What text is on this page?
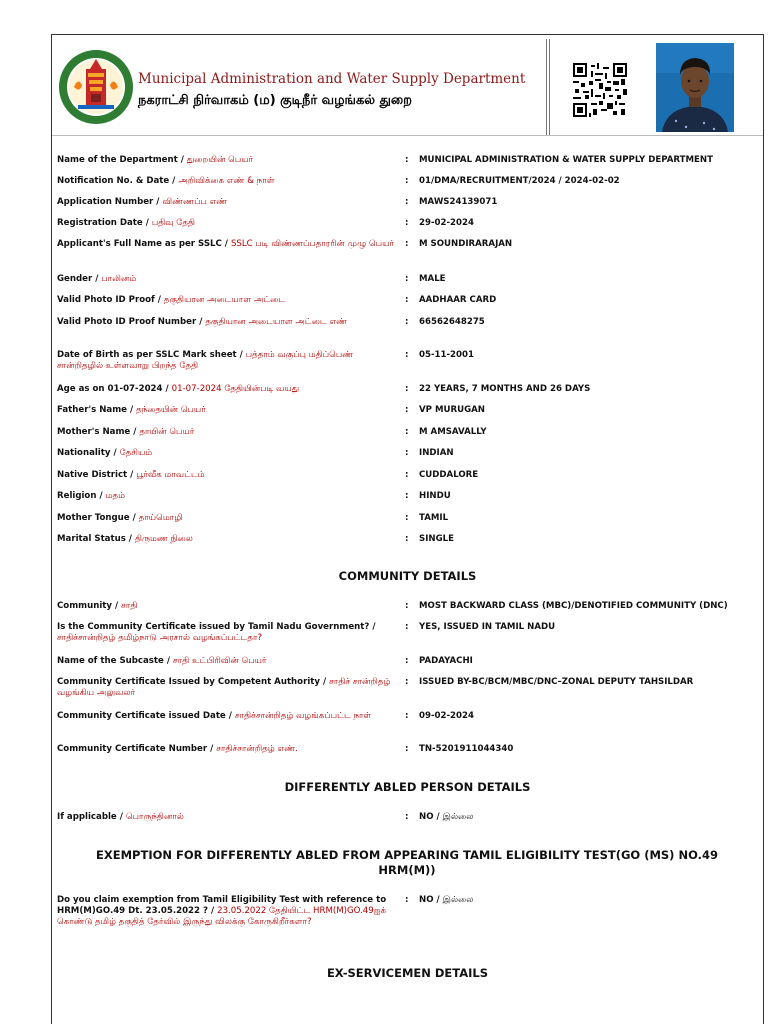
Municipal Administration and Water Supply Department
நகராட்சி நிர்வாகம் (ம) குடிநீர் வழங்கல் துறை
Name of the Department / துறையின் பெயர்	: MUNICIPAL ADMINISTRATION & WATER SUPPLY DEPARTMENT
Notification No. & Date / அறிவிக்கை எண் & நாள்	: 01/DMA/RECRUITMENT/2024 / 2024-02-02
Application Number / விண்ணப்ப எண்	: MAWS24139071
Registration Date / பதிவு தேதி	: 29-02-2024
Applicant's Full Name as per SSLC / SSLC படி விண்ணப்பதாரரின் முழு பெயர்	: M SOUNDIRARAJAN
Gender / பாலினம்	: MALE
Valid Photo ID Proof / தகுதியான அடையாள அட்டை	: AADHAAR CARD
Valid Photo ID Proof Number / தகுதியான அடையாள அட்டை எண்	: 66562648275
Date of Birth as per SSLC Mark sheet / பத்தாம் வகுப்பு மதிப்பெண் சான்றிதழில் உள்ளவாறு பிறந்த தேதி
: 05-11-2001
Age as on 01-07-2024 / 01-07-2024 தேதியின்படி வயது	: 22 YEARS, 7 MONTHS AND 26 DAYS
Father's Name / தந்தையின் பெயர்	: VP MURUGAN
Mother's Name / தாயின் பெயர்	: M AMSAVALLY
Nationality / தேசியம்	: INDIAN
Native District / பூர்வீக மாவட்டம்	: CUDDALORE
Religion / மதம்	: HINDU
Mother Tongue / தாய்மொழி	: TAMIL
Marital Status / திருமண நிலை	: SINGLE
COMMUNITY DETAILS
Community / சாதி	: MOST BACKWARD CLASS (MBC)/DENOTIFIED COMMUNITY (DNC)
Is the Community Certificate issued by Tamil Nadu Government? / சாதிச்சான்றிதழ் தமிழ்நாடு அரசால் வழங்கப்பட்டதா?
: YES, ISSUED IN TAMIL NADU
Name of the Subcaste / சாதி உட்பிரிவின் பெயர்	: PADAYACHI
Community Certificate Issued by Competent Authority / சாதிச் சான்றிதழ் வழங்கிய அலுவலர்
: ISSUED BY-BC/BCM/MBC/DNC–ZONAL DEPUTY TAHSILDAR
Community Certificate issued Date / சாதிச்சான்றிதழ் வழங்கப்பட்ட நாள்	: 09-02-2024
Community Certificate Number / சாதிச்சான்றிதழ் எண்.	: TN-5201911044340
DIFFERENTLY ABLED PERSON DETAILS
If applicable / பொருந்தினால்	: NO / இல்லை
EXEMPTION FOR DIFFERENTLY ABLED FROM APPEARING TAMIL ELIGIBILITY TEST(GO (MS) NO.49 HRM(M))
Do you claim exemption from Tamil Eligibility Test with reference to HRM(M)GO.49 Dt. 23.05.2022 ? / 23.05.2022 தேதியிட்ட HRM(M)GO.49ஐக் கொண்டு தமிழ் தகுதித் தேர்வில் இருந்து விலக்கு கோருகிறீர்களா?
: NO / இல்லை
EX-SERVICEMEN DETAILS
